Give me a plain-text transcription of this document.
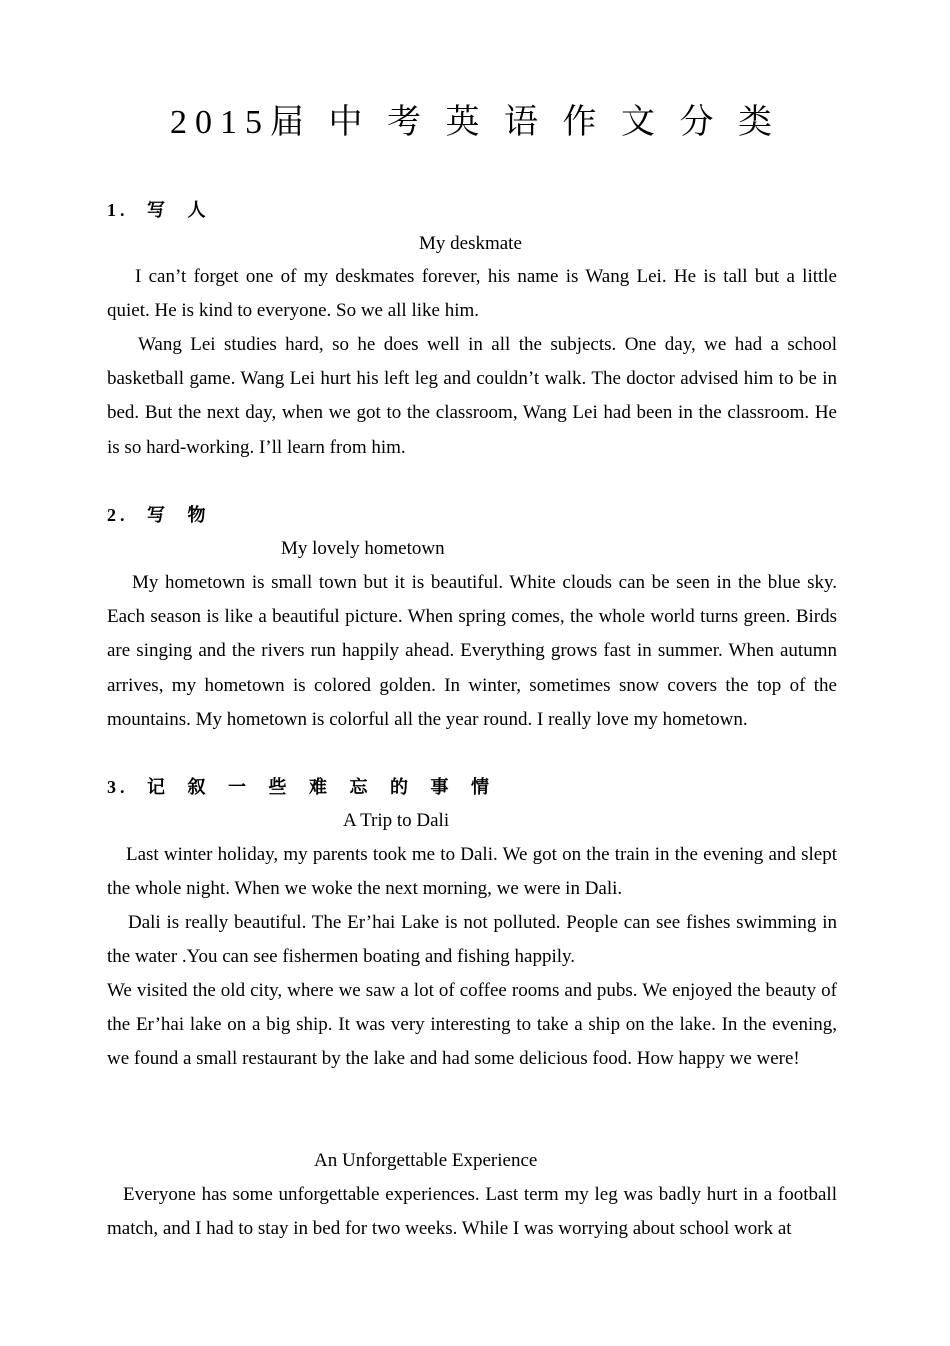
2015届 中 考 英 语 作 文 分 类
1. 写 人
My deskmate
I can’t forget one of my deskmates forever, his name is Wang Lei. He is tall but a little quiet. He is kind to everyone. So we all like him.
Wang Lei studies hard, so he does well in all the subjects. One day, we had a school basketball game. Wang Lei hurt his left leg and couldn’t walk. The doctor advised him to be in bed. But the next day, when we got to the classroom, Wang Lei had been in the classroom. He is so hard-working. I’ll learn from him.
2. 写 物
My lovely hometown
My hometown is small town but it is beautiful. White clouds can be seen in the blue sky. Each season is like a beautiful picture. When spring comes, the whole world turns green. Birds are singing and the rivers run happily ahead. Everything grows fast in summer. When autumn arrives, my hometown is colored golden. In winter, sometimes snow covers the top of the mountains. My hometown is colorful all the year round. I really love my hometown.
3. 记 叙 一 些 难 忘 的 事 情
A Trip to Dali
Last winter holiday, my parents took me to Dali. We got on the train in the evening and slept the whole night. When we woke the next morning, we were in Dali.
Dali is really beautiful. The Er’hai Lake is not polluted. People can see fishes swimming in the water .You can see fishermen boating and fishing happily.
We visited the old city, where we saw a lot of coffee rooms and pubs. We enjoyed the beauty of the Er’hai lake on a big ship. It was very interesting to take a ship on the lake. In the evening, we found a small restaurant by the lake and had some delicious food. How happy we were!
An Unforgettable Experience
Everyone has some unforgettable experiences. Last term my leg was badly hurt in a football match, and I had to stay in bed for two weeks. While I was worrying about school work at
